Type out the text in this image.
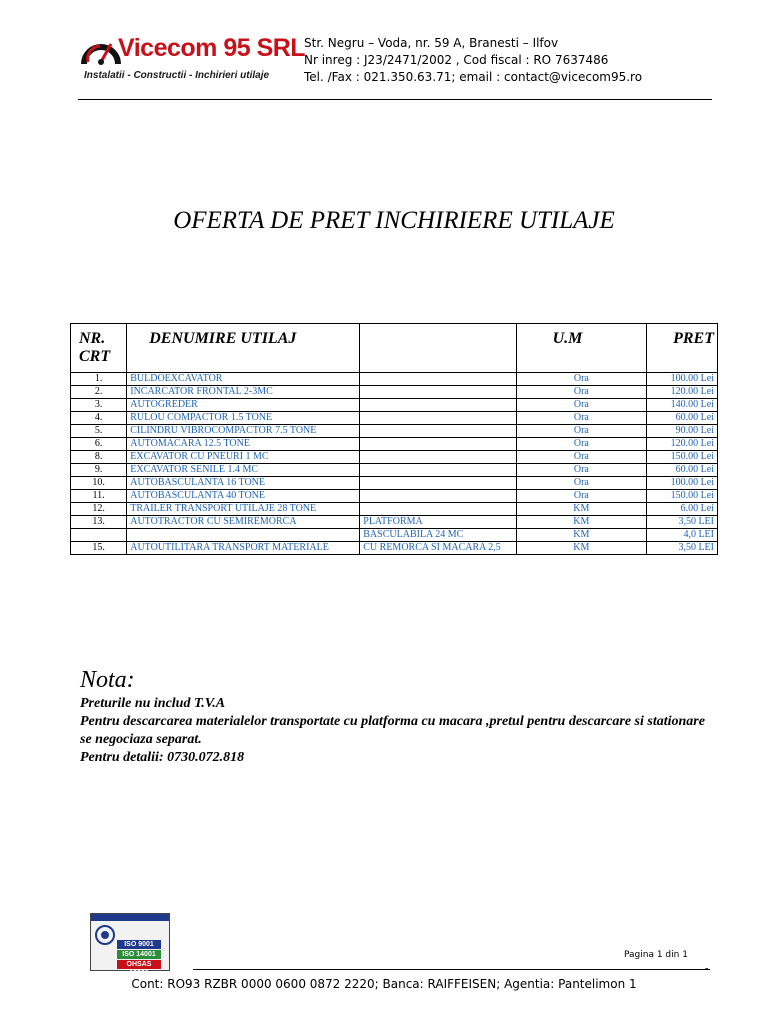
Vicecom 95 SRL
Instalatii - Constructii - Inchirieri utilaje
Str. Negru – Voda, nr. 59 A, Branesti – Ilfov
Nr inreg : J23/2471/2002 , Cod fiscal : RO 7637486
Tel. /Fax : 021.350.63.71; email : contact@vicecom95.ro
OFERTA DE PRET INCHIRIERE UTILAJE
NR. CRT	DENUMIRE UTILAJ		U.M	PRET
1.	BULDOEXCAVATOR		Ora	100.00 Lei
2.	INCARCATOR FRONTAL 2-3MC		Ora	120.00 Lei
3.	AUTOGREDER		Ora	140.00 Lei
4.	RULOU COMPACTOR 1.5 TONE		Ora	60.00 Lei
5.	CILINDRU VIBROCOMPACTOR 7.5 TONE		Ora	90.00 Lei
6.	AUTOMACARA 12.5 TONE		Ora	120.00 Lei
8.	EXCAVATOR CU PNEURI 1 MC		Ora	150.00 Lei
9.	EXCAVATOR SENILE 1.4 MC		Ora	60.00 Lei
10.	AUTOBASCULANTA 16 TONE		Ora	100.00 Lei
11.	AUTOBASCULANTA 40 TONE		Ora	150.00 Lei
12.	TRAILER TRANSPORT UTILAJE 28 TONE		KM	6.00 Lei
13.	AUTOTRACTOR CU SEMIREMORCA	PLATFORMA	KM	3,50 LEI
		BASCULABILA 24 MC	KM	4,0 LEI
15.	AUTOUTILITARA TRANSPORT MATERIALE	CU REMORCA SI MACARA 2,5	KM	3,50 LEI
Nota:
Preturile nu includ T.V.A
Pentru descarcarea materialelor transportate cu platforma cu macara ,pretul pentru descarcare si stationare se negociaza separat.
Pentru detalii: 0730.072.818
ISO 9001
ISO 14001
OHSAS 18001
Pagina 1 din 1
-
Cont: RO93 RZBR 0000 0600 0872 2220; Banca: RAIFFEISEN; Agentia: Pantelimon 1
